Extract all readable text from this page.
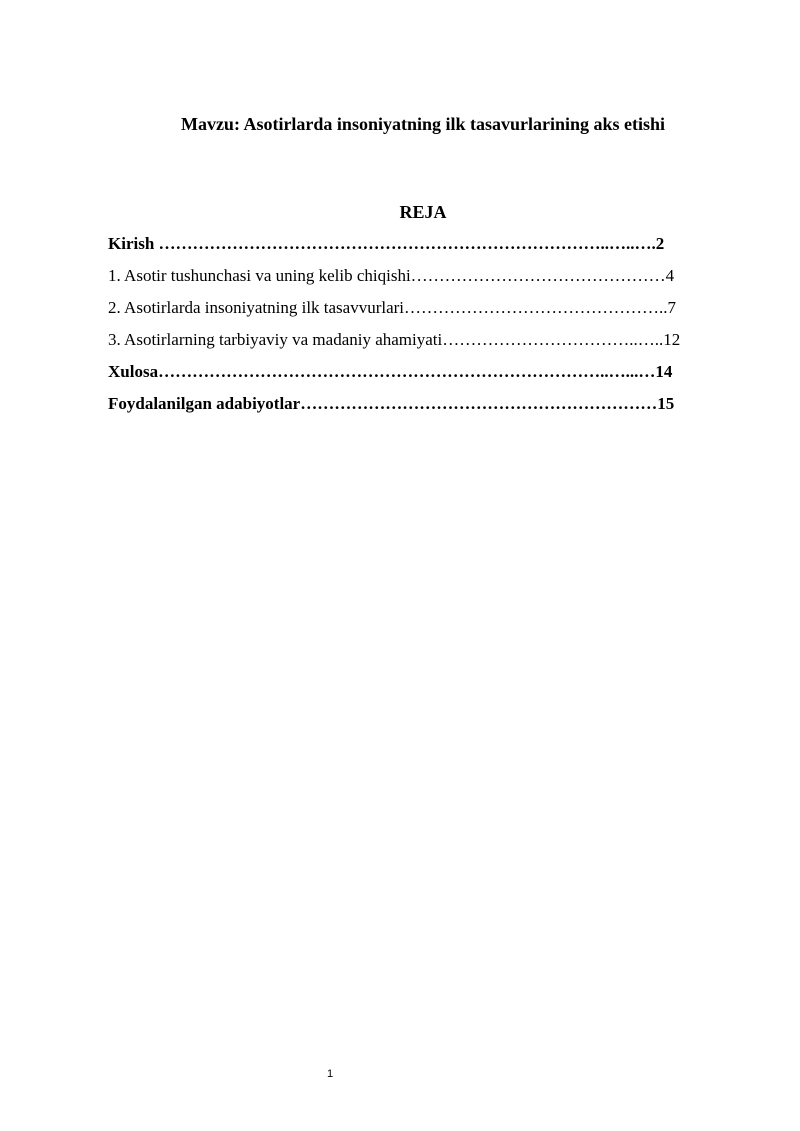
Mavzu: Asotirlarda insoniyatning ilk tasavurlarining aks etishi
REJA
Kirish ……………………………………………………………………..…..….2
1. Asotir tushunchasi va uning kelib chiqishi………………………………………4
2. Asotirlarda insoniyatning ilk tasavvurlari………………………………………..7
3. Asotirlarning tarbiyaviy va madaniy ahamiyati……………………………..…..12
Xulosa……………………………………………………………………..…...…14
Foydalanilgan adabiyotlar………………………………………………………15
1
